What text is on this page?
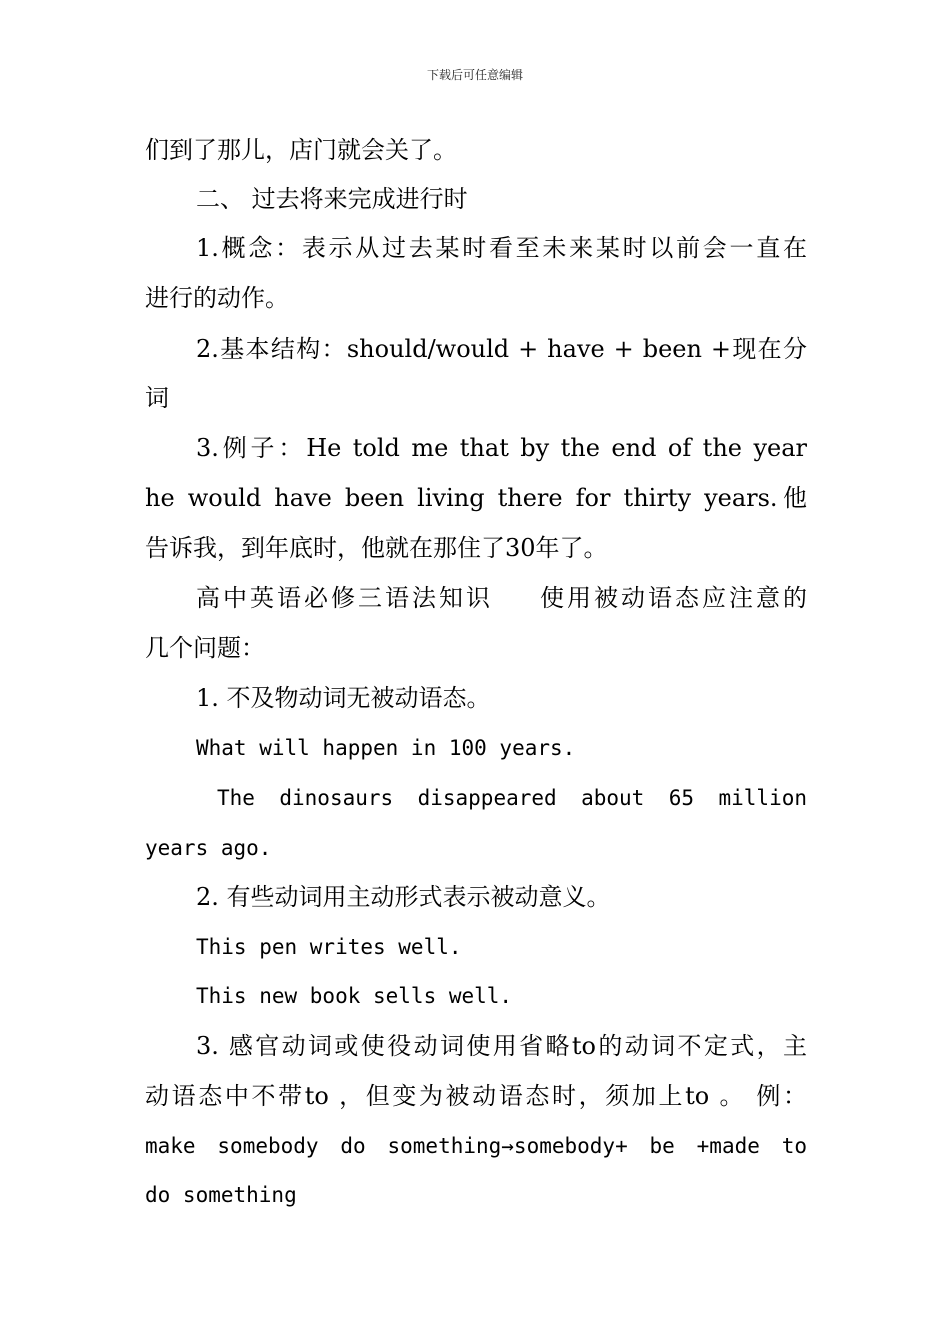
下载后可任意编辑
们到了那儿，店门就会关了。
二、 过去将来完成进行时
1.概念：表示从过去某时看至未来某时以前会一直在
进行的动作。
2.基本结构：should/would + have + been +现在分
词
3.例子：He told me that by the end of the year
he would have been living there for thirty years.他
告诉我，到年底时，他就在那住了30年了。
高中英语必修三语法知识 使用被动语态应注意的
几个问题：
1. 不及物动词无被动语态。
What will happen in 100 years.
The dinosaurs disappeared about 65 million
years ago.
2. 有些动词用主动形式表示被动意义。
This pen writes well.
This new book sells well.
3. 感官动词或使役动词使用省略to的动词不定式，主
动语态中不带to ，但变为被动语态时，须加上to 。 例：
make somebody do something→somebody+ be +made to
do something
